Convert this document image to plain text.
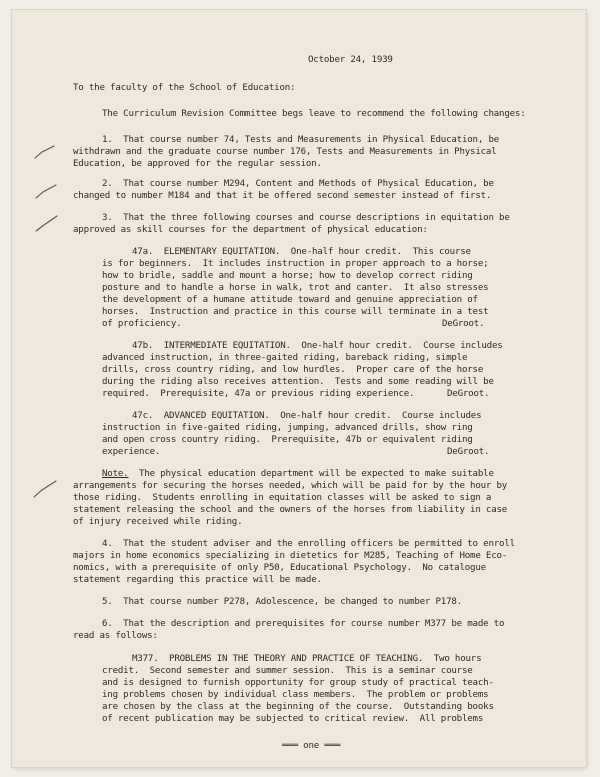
October 24, 1939

To the faculty of the School of Education:

The Curriculum Revision Committee begs leave to recommend the following changes:

1.  That course number 74, Tests and Measurements in Physical Education, be

withdrawn and the graduate course number 176, Tests and Measurements in Physical

Education, be approved for the regular session.

2.  That course number M294, Content and Methods of Physical Education, be

changed to number M184 and that it be offered second semester instead of first.

3.  That the three following courses and course descriptions in equitation be

approved as skill courses for the department of physical education:

47a.  ELEMENTARY EQUITATION.  One-half hour credit.  This course

is for beginners.  It includes instruction in proper approach to a horse;

how to bridle, saddle and mount a horse; how to develop correct riding

posture and to handle a horse in walk, trot and canter.  It also stresses

the development of a humane attitude toward and genuine appreciation of

horses.  Instruction and practice in this course will terminate in a test

of proficiency.	DeGroot.

47b.  INTERMEDIATE EQUITATION.  One-half hour credit.  Course includes

advanced instruction, in three-gaited riding, bareback riding, simple

drills, cross country riding, and low hurdles.  Proper care of the horse

during the riding also receives attention.  Tests and some reading will be

required.  Prerequisite, 47a or previous riding experience.	DeGroot.

47c.  ADVANCED EQUITATION.  One-half hour credit.  Course includes

instruction in five-gaited riding, jumping, advanced drills, show ring

and open cross country riding.  Prerequisite, 47b or equivalent riding

experience.	DeGroot.

Note.  The physical education department will be expected to make suitable

arrangements for securing the horses needed, which will be paid for by the hour by

those riding.  Students enrolling in equitation classes will be asked to sign a

statement releasing the school and the owners of the horses from liability in case

of injury received while riding.

4.  That the student adviser and the enrolling officers be permitted to enroll

majors in home economics specializing in dietetics for M285, Teaching of Home Eco-

nomics, with a prerequisite of only P50, Educational Psychology.  No catalogue

statement regarding this practice will be made.

5.  That course number P278, Adolescence, be changed to number P178.

6.  That the description and prerequisites for course number M377 be made to

read as follows:

M377.  PROBLEMS IN THE THEORY AND PRACTICE OF TEACHING.  Two hours

credit.  Second semester and summer session.  This is a seminar course

and is designed to furnish opportunity for group study of practical teach-

ing problems chosen by individual class members.  The problem or problems

are chosen by the class at the beginning of the course.  Outstanding books

of recent publication may be subjected to critical review.  All problems

═══ one ═══
